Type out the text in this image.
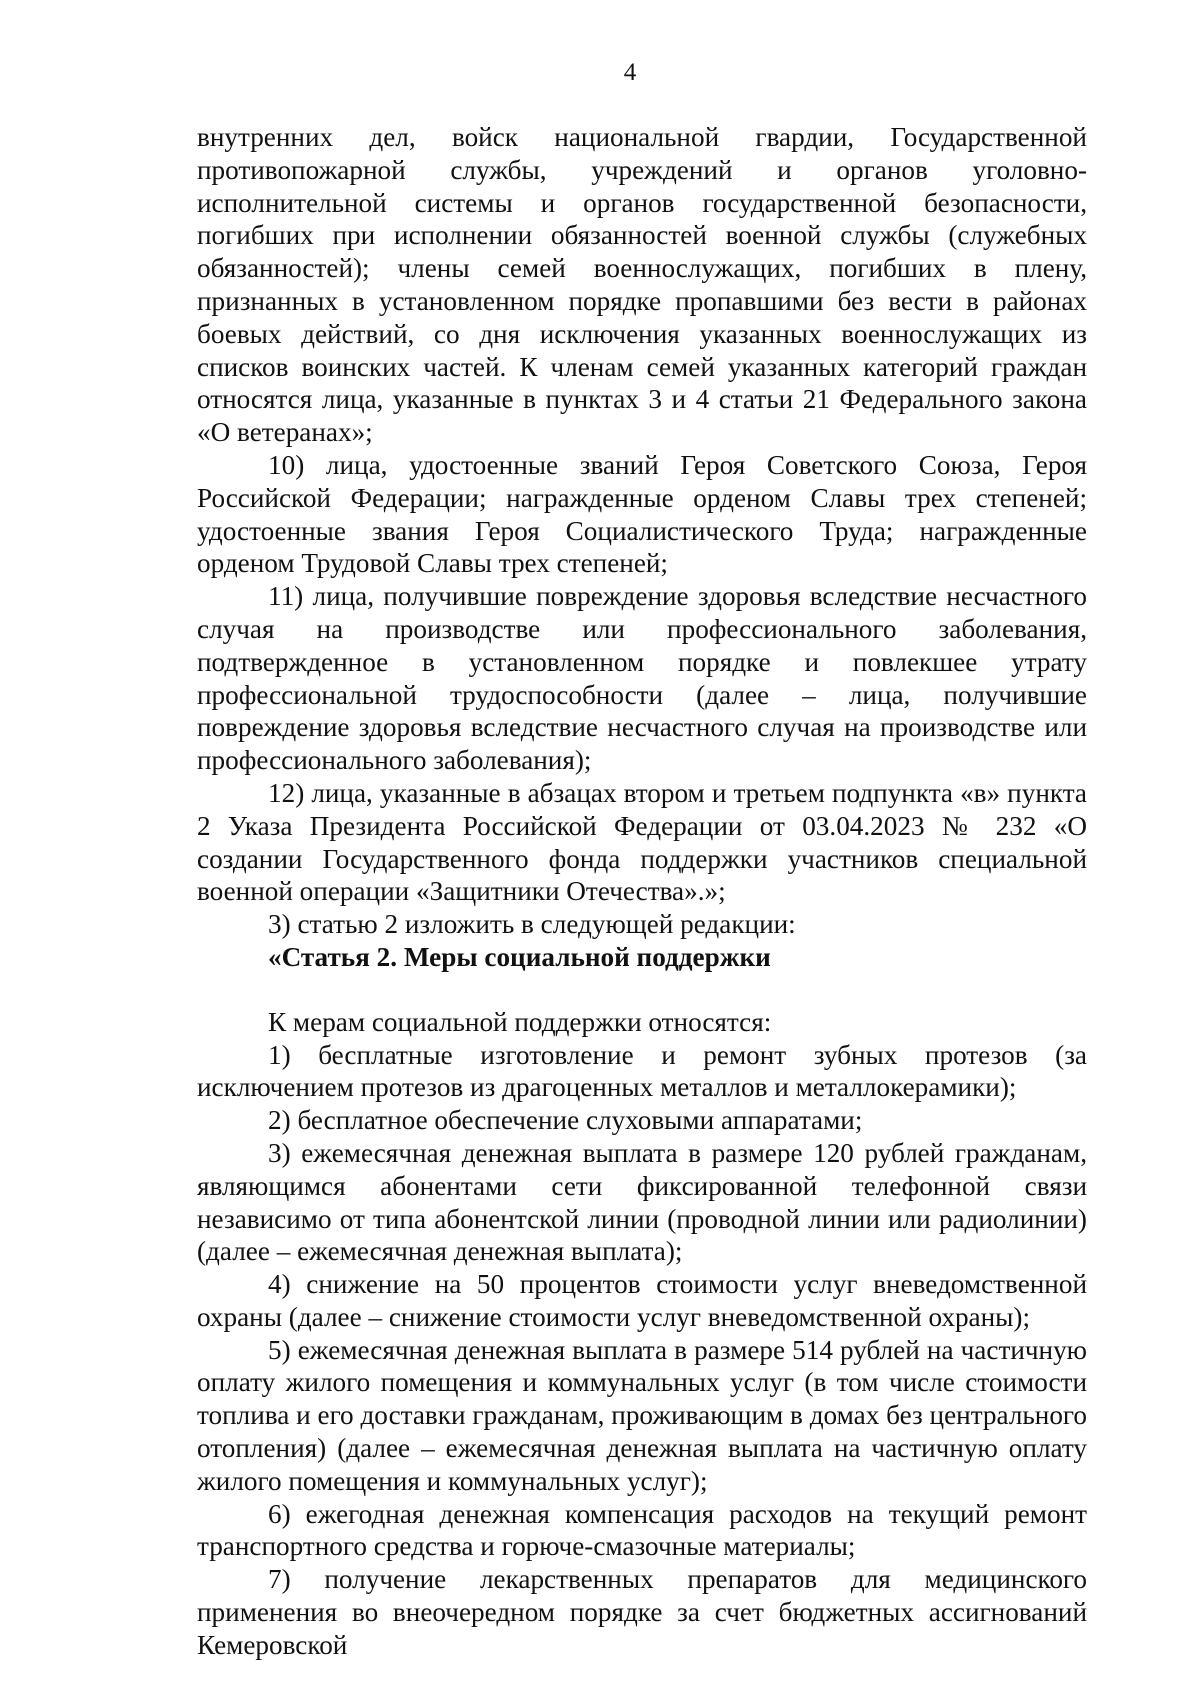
4

внутренних дел, войск национальной гвардии, Государственной противопожарной службы, учреждений и органов уголовно-исполнительной системы и органов государственной безопасности, погибших при исполнении обязанностей военной службы (служебных обязанностей); члены семей военнослужащих, погибших в плену, признанных в установленном порядке пропавшими без вести в районах боевых действий, со дня исключения указанных военнослужащих из списков воинских частей. К членам семей указанных категорий граждан относятся лица, указанные в пунктах 3 и 4 статьи 21 Федерального закона «О ветеранах»;

10) лица, удостоенные званий Героя Советского Союза, Героя Российской Федерации; награжденные орденом Славы трех степеней; удостоенные звания Героя Социалистического Труда; награжденные орденом Трудовой Славы трех степеней;

11) лица, получившие повреждение здоровья вследствие несчастного случая на производстве или профессионального заболевания, подтвержденное в установленном порядке и повлекшее утрату профессиональной трудоспособности (далее – лица, получившие повреждение здоровья вследствие несчастного случая на производстве или профессионального заболевания);

12) лица, указанные в абзацах втором и третьем подпункта «в» пункта 2 Указа Президента Российской Федерации от 03.04.2023 № 232 «О создании Государственного фонда поддержки участников специальной военной операции «Защитники Отечества».»;

3) статью 2 изложить в следующей редакции:

«Статья 2. Меры социальной поддержки

К мерам социальной поддержки относятся:

1) бесплатные изготовление и ремонт зубных протезов (за исключением протезов из драгоценных металлов и металлокерамики);

2) бесплатное обеспечение слуховыми аппаратами;

3) ежемесячная денежная выплата в размере 120 рублей гражданам, являющимся абонентами сети фиксированной телефонной связи независимо от типа абонентской линии (проводной линии или радиолинии) (далее – ежемесячная денежная выплата);

4) снижение на 50 процентов стоимости услуг вневедомственной охраны (далее – снижение стоимости услуг вневедомственной охраны);

5) ежемесячная денежная выплата в размере 514 рублей на частичную оплату жилого помещения и коммунальных услуг (в том числе стоимости топлива и его доставки гражданам, проживающим в домах без центрального отопления) (далее – ежемесячная денежная выплата на частичную оплату жилого помещения и коммунальных услуг);

6) ежегодная денежная компенсация расходов на текущий ремонт транспортного средства и горюче-смазочные материалы;

7) получение лекарственных препаратов для медицинского применения во внеочередном порядке за счет бюджетных ассигнований Кемеровской
